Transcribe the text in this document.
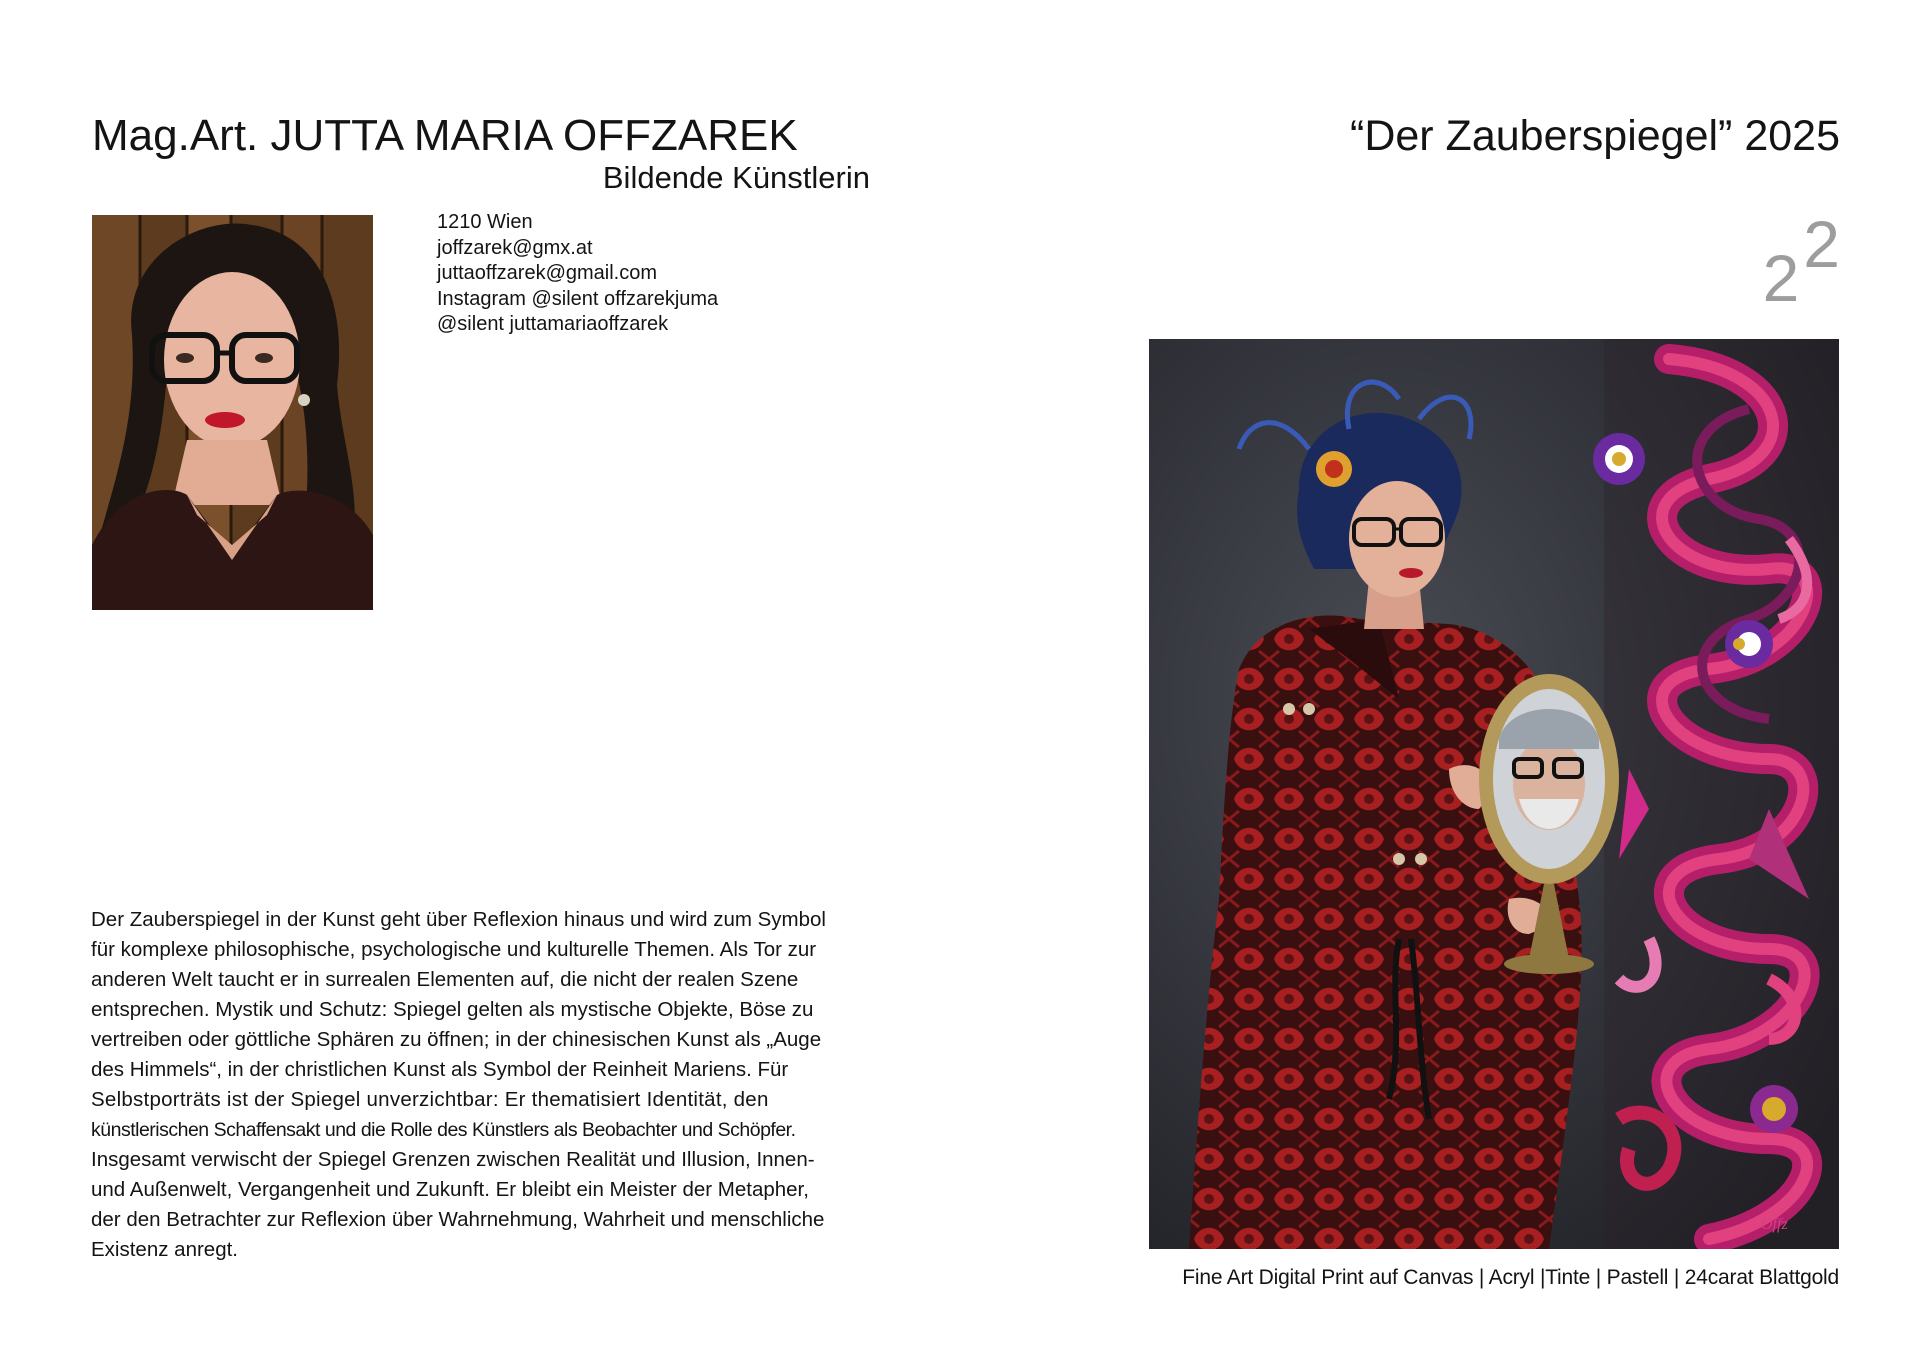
Mag.Art. JUTTA MARIA OFFZAREK
Bildende Künstlerin
1210 Wien
joffzarek@gmx.at
juttaoffzarek@gmail.com
Instagram @silent offzarekjuma
@silent juttamariaoffzarek
Der Zauberspiegel in der Kunst geht über Reflexion hinaus und wird zum Symbol
für komplexe philosophische, psychologische und kulturelle Themen. Als Tor zur
anderen Welt taucht er in surrealen Elementen auf, die nicht der realen Szene
entsprechen. Mystik und Schutz: Spiegel gelten als mystische Objekte, Böse zu
vertreiben oder göttliche Sphären zu öffnen; in der chinesischen Kunst als „Auge
des Himmels“, in der christlichen Kunst als Symbol der Reinheit Mariens. Für
Selbstporträts ist der Spiegel unverzichtbar: Er thematisiert Identität, den
künstlerischen Schaffensakt und die Rolle des Künstlers als Beobachter und Schöpfer.
Insgesamt verwischt der Spiegel Grenzen zwischen Realität und Illusion, Innen-
und Außenwelt, Vergangenheit und Zukunft. Er bleibt ein Meister der Metapher,
der den Betrachter zur Reflexion über Wahrnehmung, Wahrheit und menschliche
Existenz anregt.
“Der Zauberspiegel” 2025
22
Offz
Fine Art Digital Print auf Canvas | Acryl |Tinte | Pastell | 24carat Blattgold
